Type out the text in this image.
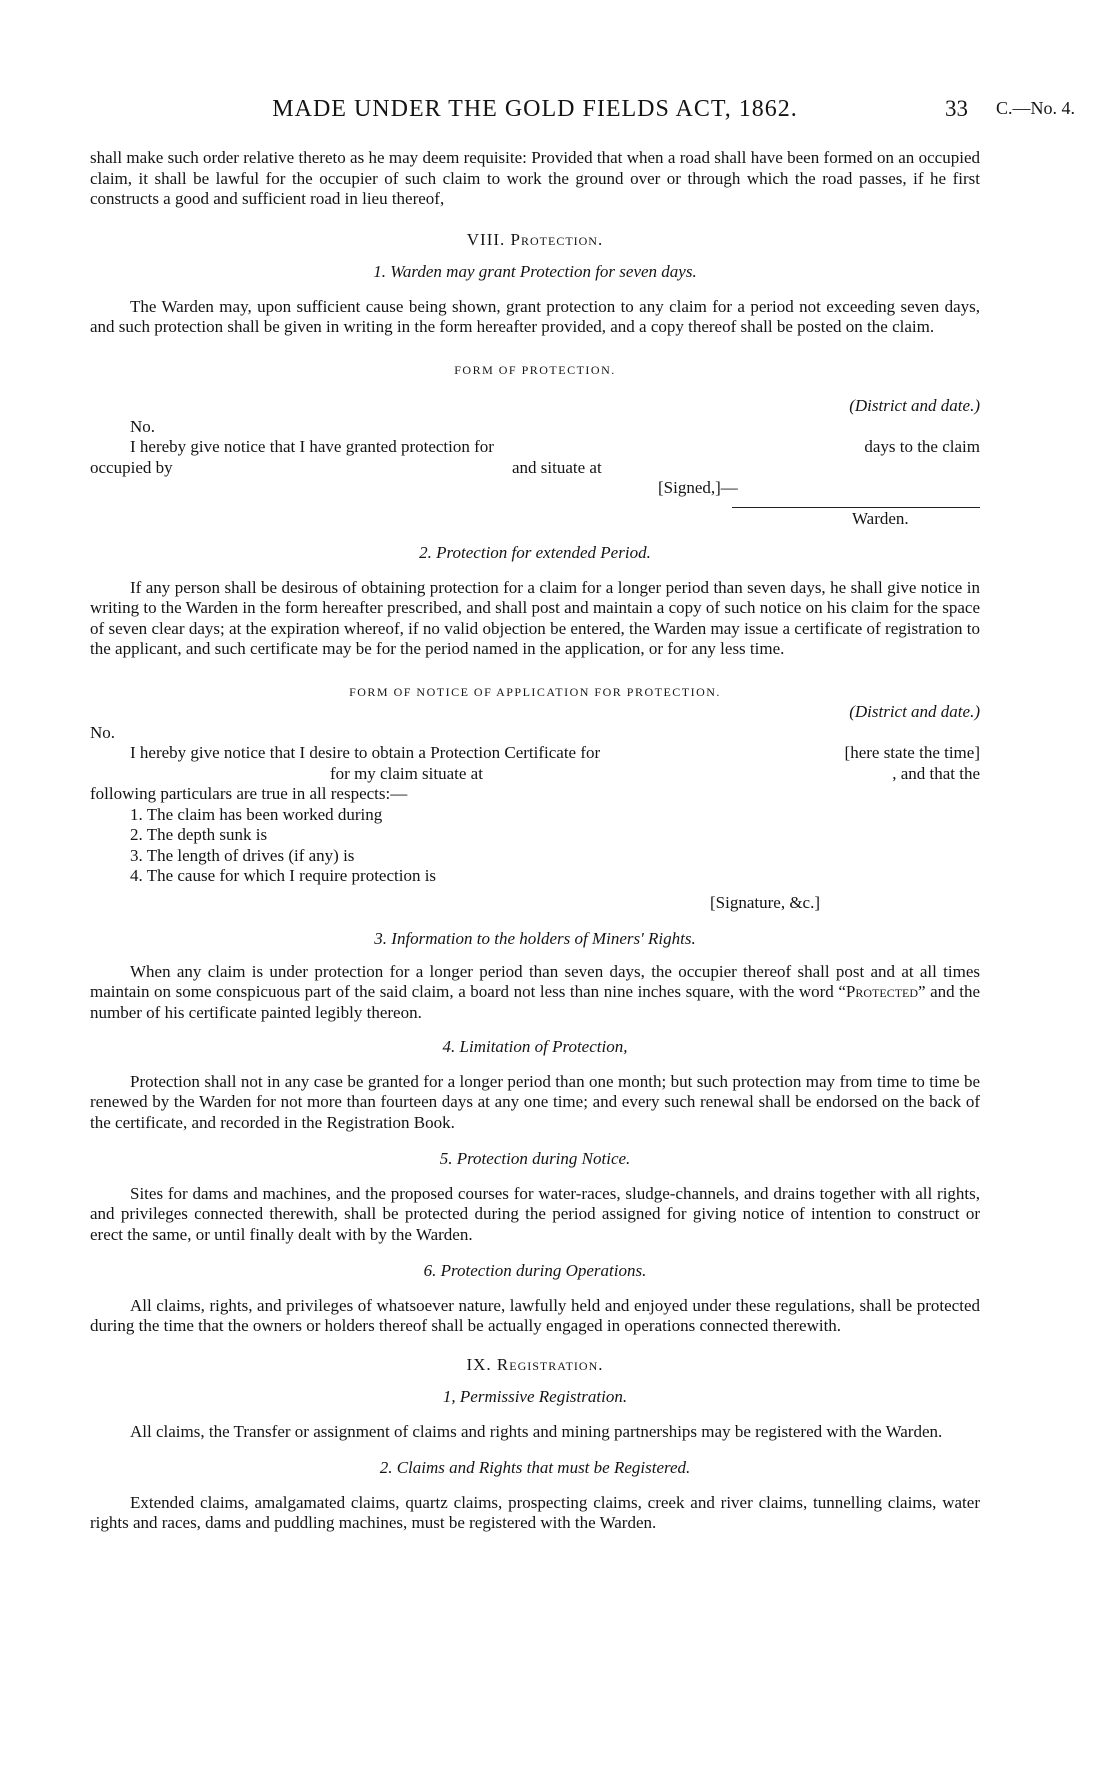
MADE UNDER THE GOLD FIELDS ACT, 1862.	33 C.—No. 4.

shall make such order relative thereto as he may deem requisite: Provided that when a road shall have been formed on an occupied claim, it shall be lawful for the occupier of such claim to work the ground over or through which the road passes, if he first constructs a good and sufficient road in lieu thereof,

VIII. Protection.
1. Warden may grant Protection for seven days.

The Warden may, upon sufficient cause being shown, grant protection to any claim for a period not exceeding seven days, and such protection shall be given in writing in the form hereafter provided, and a copy thereof shall be posted on the claim.

FORM OF PROTECTION.
(District and date.)
No.
I hereby give notice that I have granted protection for	days to the claim
occupied by	and situate at
[Signed,]—
Warden.
2. Protection for extended Period.

If any person shall be desirous of obtaining protection for a claim for a longer period than seven days, he shall give notice in writing to the Warden in the form hereafter prescribed, and shall post and maintain a copy of such notice on his claim for the space of seven clear days; at the expiration whereof, if no valid objection be entered, the Warden may issue a certificate of registration to the applicant, and such certificate may be for the period named in the application, or for any less time.

FORM OF NOTICE OF APPLICATION FOR PROTECTION.
(District and date.)
No.
I hereby give notice that I desire to obtain a Protection Certificate for	[here state the time]
for my claim situate at	, and that the
following particulars are true in all respects:—
1. The claim has been worked during
2. The depth sunk is
3. The length of drives (if any) is
4. The cause for which I require protection is
[Signature, &c.]
3. Information to the holders of Miners' Rights.

When any claim is under protection for a longer period than seven days, the occupier thereof shall post and at all times maintain on some conspicuous part of the said claim, a board not less than nine inches square, with the word “Protected” and the number of his certificate painted legibly thereon.

4. Limitation of Protection,

Protection shall not in any case be granted for a longer period than one month; but such protection may from time to time be renewed by the Warden for not more than fourteen days at any one time; and every such renewal shall be endorsed on the back of the certificate, and recorded in the Registration Book.

5. Protection during Notice.

Sites for dams and machines, and the proposed courses for water-races, sludge-channels, and drains together with all rights, and privileges connected therewith, shall be protected during the period assigned for giving notice of intention to construct or erect the same, or until finally dealt with by the Warden.

6. Protection during Operations.

All claims, rights, and privileges of whatsoever nature, lawfully held and enjoyed under these regulations, shall be protected during the time that the owners or holders thereof shall be actually engaged in operations connected therewith.

IX. Registration.
1, Permissive Registration.

All claims, the Transfer or assignment of claims and rights and mining partnerships may be registered with the Warden.

2. Claims and Rights that must be Registered.

Extended claims, amalgamated claims, quartz claims, prospecting claims, creek and river claims, tunnelling claims, water rights and races, dams and puddling machines, must be registered with the Warden.
